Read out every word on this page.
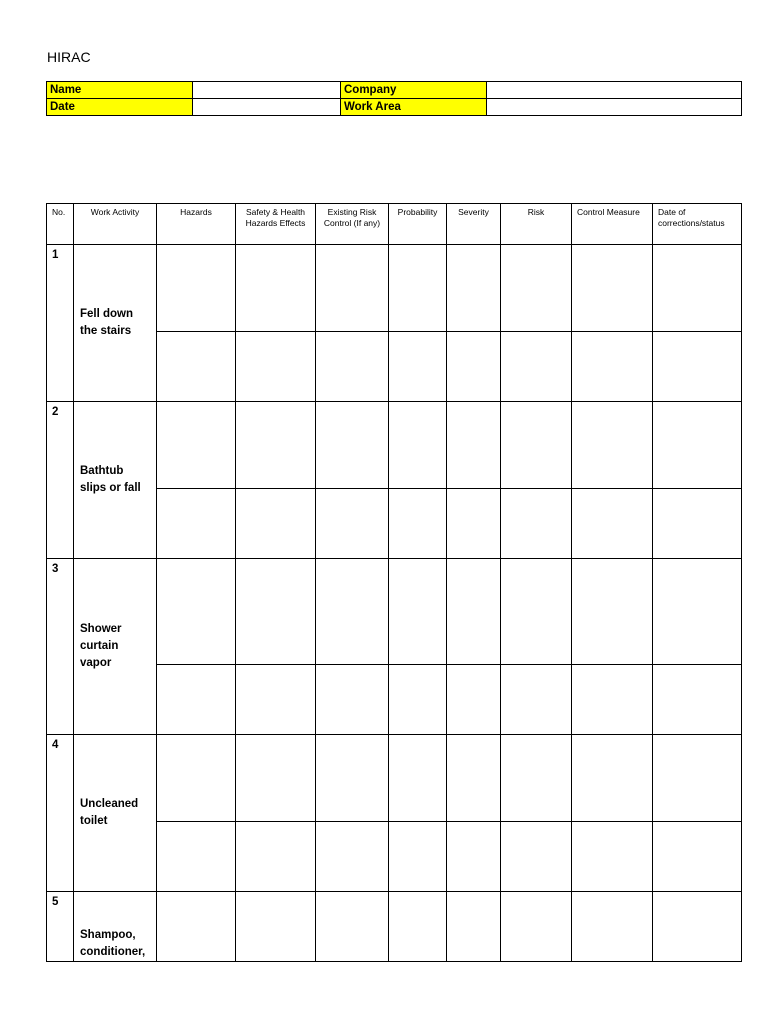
HIRAC
Name		Company	
Date		Work Area	
No.	Work Activity	Hazards	Safety & Health Hazards Effects	Existing Risk Control (If any)	Probability	Severity	Risk	Control Measure	Date of corrections/status
1	Fell down the stairs								

2	Bathtub slips or fall								

3	Shower curtain vapor								

4	Uncleaned toilet								

5	Shampoo, conditioner,								
